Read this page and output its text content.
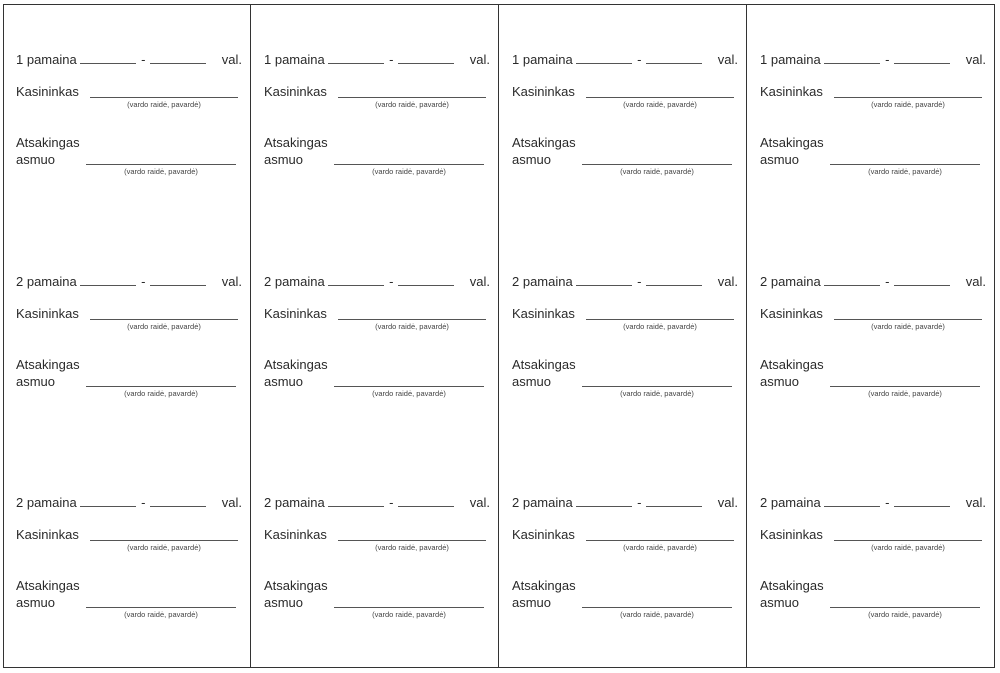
1 pamaina	-	val.
Kasininkas
(vardo raidė, pavardė)
Atsakingas
asmuo
(vardo raidė, pavardė)
2 pamaina	-	val.
Kasininkas
(vardo raidė, pavardė)
Atsakingas
asmuo
(vardo raidė, pavardė)
2 pamaina	-	val.
Kasininkas
(vardo raidė, pavardė)
Atsakingas
asmuo
(vardo raidė, pavardė)
1 pamaina	-	val.
Kasininkas
(vardo raidė, pavardė)
Atsakingas
asmuo
(vardo raidė, pavardė)
2 pamaina	-	val.
Kasininkas
(vardo raidė, pavardė)
Atsakingas
asmuo
(vardo raidė, pavardė)
2 pamaina	-	val.
Kasininkas
(vardo raidė, pavardė)
Atsakingas
asmuo
(vardo raidė, pavardė)
1 pamaina	-	val.
Kasininkas
(vardo raidė, pavardė)
Atsakingas
asmuo
(vardo raidė, pavardė)
2 pamaina	-	val.
Kasininkas
(vardo raidė, pavardė)
Atsakingas
asmuo
(vardo raidė, pavardė)
2 pamaina	-	val.
Kasininkas
(vardo raidė, pavardė)
Atsakingas
asmuo
(vardo raidė, pavardė)
1 pamaina	-	val.
Kasininkas
(vardo raidė, pavardė)
Atsakingas
asmuo
(vardo raidė, pavardė)
2 pamaina	-	val.
Kasininkas
(vardo raidė, pavardė)
Atsakingas
asmuo
(vardo raidė, pavardė)
2 pamaina	-	val.
Kasininkas
(vardo raidė, pavardė)
Atsakingas
asmuo
(vardo raidė, pavardė)
